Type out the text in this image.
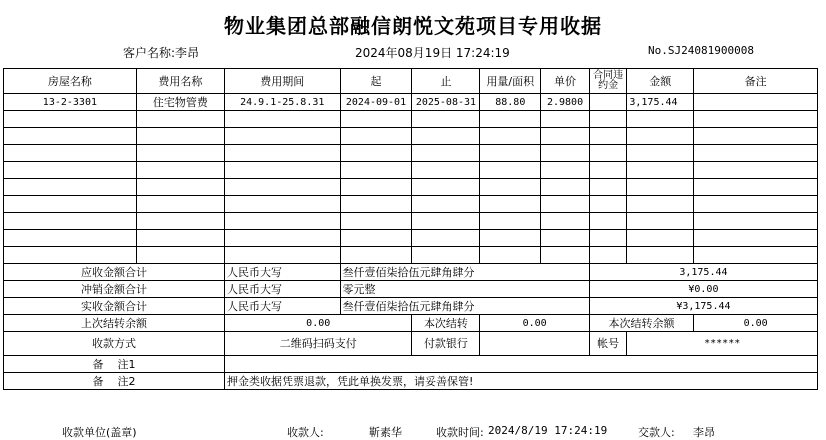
物业集团总部融信朗悦文苑项目专用收据
客户名称:李昂	2024年08月19日 17:24:19	No.SJ24081900008
房屋名称	费用名称	费用期间	起	止	用量/面积	单价	合同违约金	金额	备注
13-2-3301	住宅物管费	24.9.1-25.8.31	2024-09-01	2025-08-31	88.80	2.9800		3,175.44	

应收金额合计		人民币大写	叁仟壹佰柒拾伍元肆角肆分				3,175.44		
冲销金额合计		人民币大写	零元整				¥0.00		
实收金额合计		人民币大写	叁仟壹佰柒拾伍元肆角肆分				¥3,175.44		
上次结转余额		0.00		本次结转	0.00		本次结转余额		0.00
收款方式		二维码扫码支付		付款银行			帐号	******	
备    注1									
备    注2		押金类收据凭票退款，凭此单换发票，请妥善保管!							
收款单位(盖章)	收款人:	靳素华	收款时间: 2024/8/19 17:24:19	交款人: 李昂
